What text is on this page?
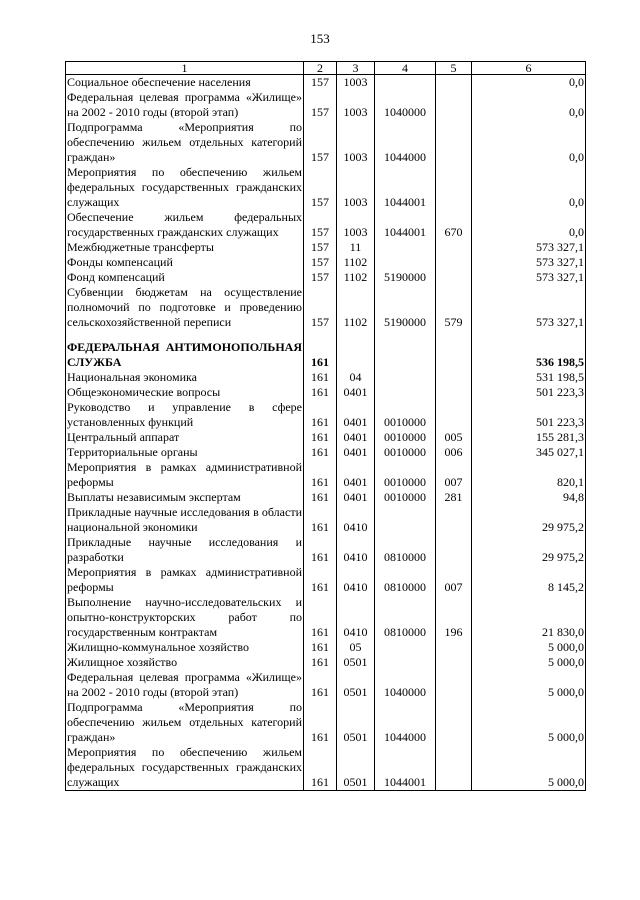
153
1	2	3	4	5	6
Социальное обеспечение населения	157	1003			0,0
Федеральная целевая программа «Жилище» на 2002 - 2010 годы (второй этап)	157	1003	1040000		0,0
Подпрограмма «Мероприятия по обеспечению жильем отдельных категорий граждан»	157	1003	1044000		0,0
Мероприятия по обеспечению жильем федеральных государственных гражданских служащих	157	1003	1044001		0,0
Обеспечение жильем федеральных государственных гражданских служащих	157	1003	1044001	670	0,0
Межбюджетные трансферты	157	11			573 327,1
Фонды компенсаций	157	1102			573 327,1
Фонд компенсаций	157	1102	5190000		573 327,1
Субвенции бюджетам на осуществление полномочий по подготовке и проведению сельскохозяйственной переписи	157	1102	5190000	579	573 327,1

ФЕДЕРАЛЬНАЯ АНТИМОНОПОЛЬНАЯ СЛУЖБА	161				536 198,5
Национальная экономика	161	04			531 198,5
Общеэкономические вопросы	161	0401			501 223,3
Руководство и управление в сфере установленных функций	161	0401	0010000		501 223,3
Центральный аппарат	161	0401	0010000	005	155 281,3
Территориальные органы	161	0401	0010000	006	345 027,1
Мероприятия в рамках административной реформы	161	0401	0010000	007	820,1
Выплаты независимым экспертам	161	0401	0010000	281	94,8
Прикладные научные исследования в области национальной экономики	161	0410			29 975,2
Прикладные научные исследования и разработки	161	0410	0810000		29 975,2
Мероприятия в рамках административной реформы	161	0410	0810000	007	8 145,2
Выполнение научно-исследовательских и опытно-конструкторских работ по государственным контрактам	161	0410	0810000	196	21 830,0
Жилищно-коммунальное хозяйство	161	05			5 000,0
Жилищное хозяйство	161	0501			5 000,0
Федеральная целевая программа «Жилище» на 2002 - 2010 годы (второй этап)	161	0501	1040000		5 000,0
Подпрограмма «Мероприятия по обеспечению жильем отдельных категорий граждан»	161	0501	1044000		5 000,0
Мероприятия по обеспечению жильем федеральных государственных гражданских служащих	161	0501	1044001		5 000,0
